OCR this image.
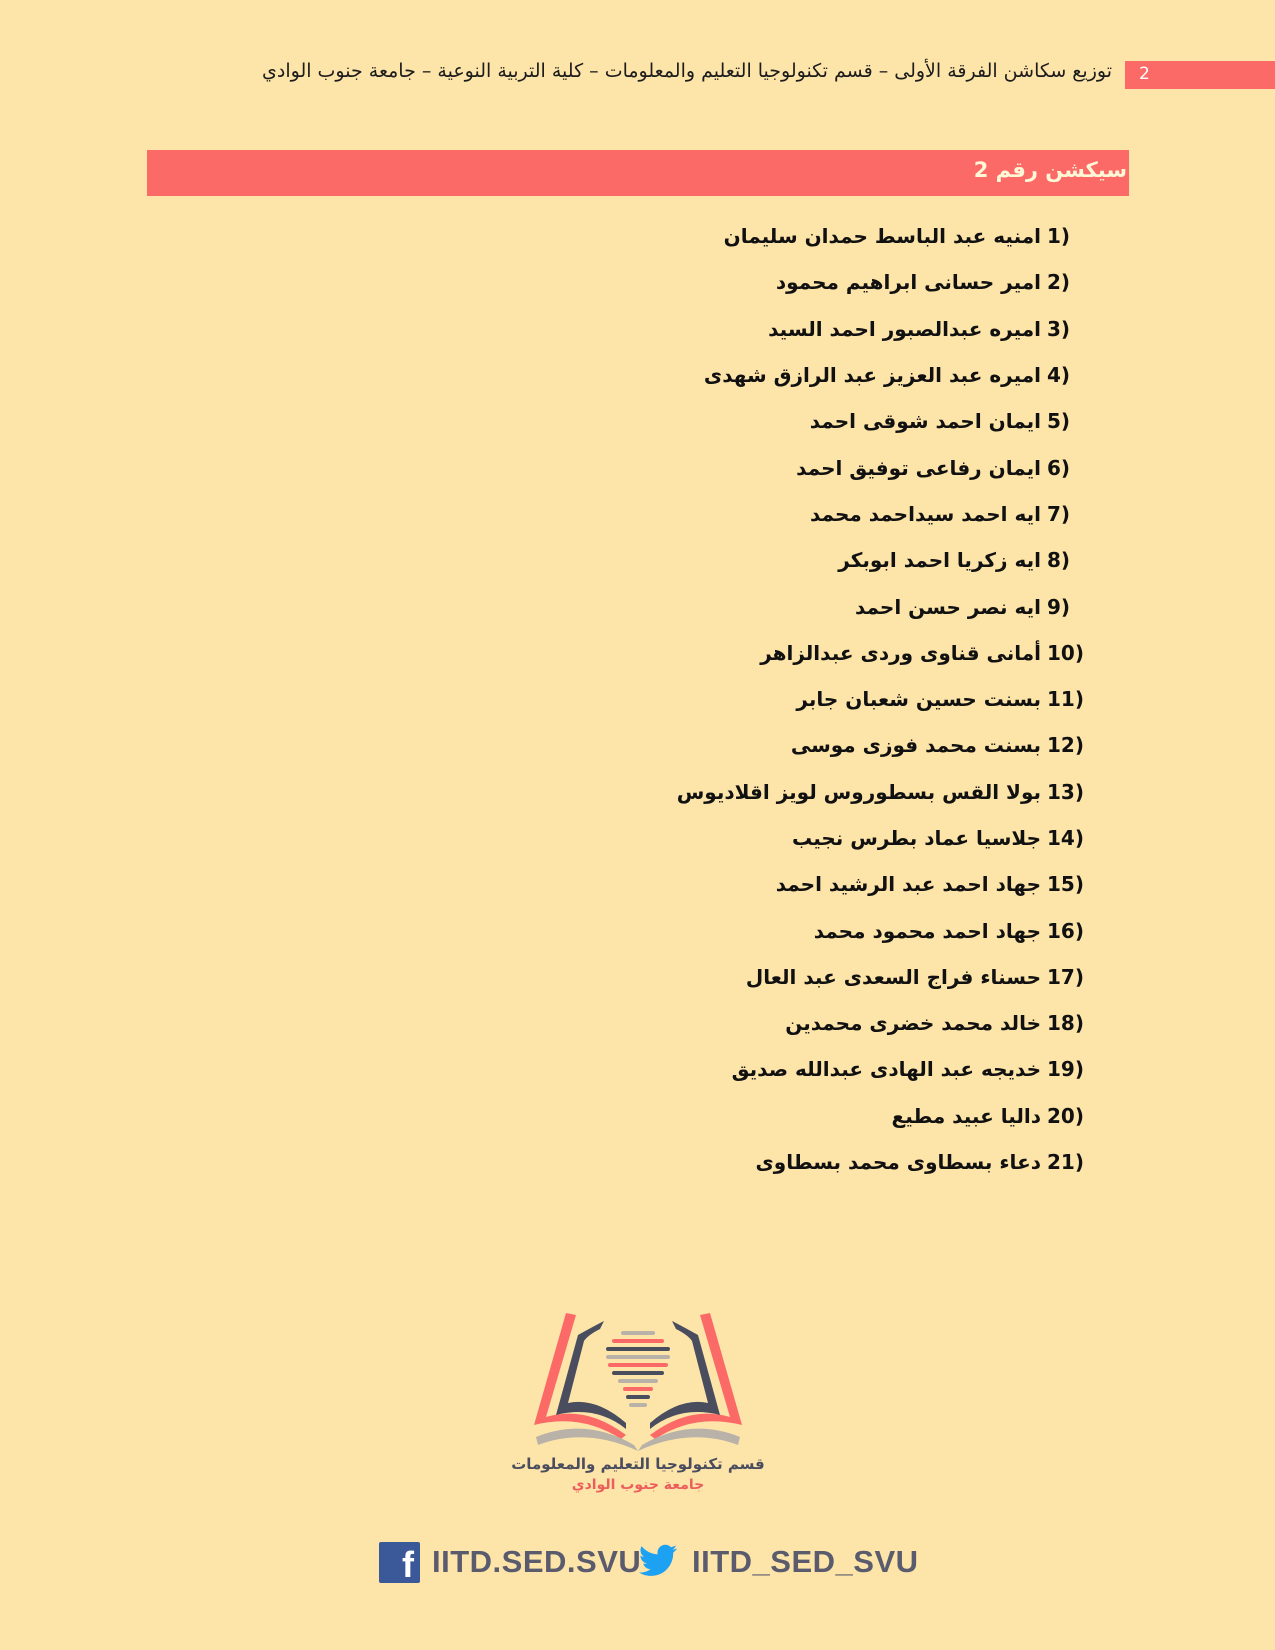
2
توزيع سكاشن الفرقة الأولى – قسم تكنولوجيا التعليم والمعلومات – كلية التربية النوعية – جامعة جنوب الوادي
سيكشن رقم 2
1)
امنيه عبد الباسط حمدان سليمان
2)
امير حسانى ابراهيم محمود
3)
اميره عبدالصبور احمد السيد
4)
اميره عبد العزيز عبد الرازق شهدى
5)
ايمان احمد شوقى احمد
6)
ايمان رفاعى توفيق احمد
7)
ايه احمد سيداحمد محمد
8)
ايه زكريا احمد ابوبكر
9)
ايه نصر حسن احمد
10)
أمانى قناوى وردى عبدالزاهر
11)
بسنت حسين شعبان جابر
12)
بسنت محمد فوزى موسى
13)
بولا القس بسطوروس لويز اقلاديوس
14)
جلاسيا عماد بطرس نجيب
15)
جهاد احمد عبد الرشيد احمد
16)
جهاد احمد محمود محمد
17)
حسناء فراج السعدى عبد العال
18)
خالد محمد خضرى محمدين
19)
خديجه عبد الهادى عبدالله صديق
20)
داليا عبيد مطيع
21)
دعاء بسطاوى محمد بسطاوى
قسم تكنولوجيا التعليم والمعلومات
جامعة جنوب الوادي
f IITD.SED.SVU IITD_SED_SVU
